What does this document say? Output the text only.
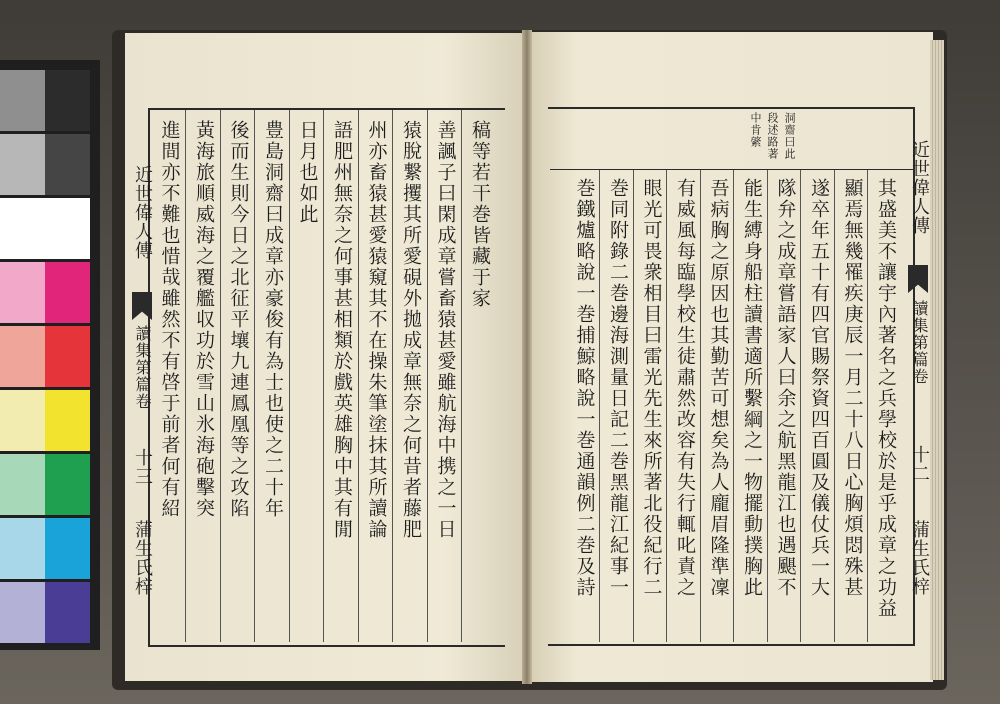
稿等若干巻皆藏于家
善諷子曰閑成章嘗畜猿甚愛雖航海中携之一日
猿脫繋攫其所愛硯外拋成章無奈之何昔者藤肥
州亦畜猿甚愛猿窺其不在操朱筆塗抹其所讀論
語肥州無奈之何事甚相類於戲英雄胸中其有閒
日月也如此
豊島洞齋曰成章亦豪俊有為士也使之二十年
後而生則今日之北征平壤九連鳳凰等之攻陷
黃海旅順威海之覆艦収功於雪山氷海砲擊突
進間亦不難也惜哉雖然不有啓于前者何有紹
近世偉人傳
讀集第篇卷
十三
蒲生氏梓
洞齋曰此
段述路著
中肯綮
其盛美不讓宇內著名之兵學校於是乎成章之功益
顯焉無幾罹疾庚辰一月二十八日心胸煩悶殊甚
遂卒年五十有四官賜祭資四百圓及儀仗兵一大
隊弁之成章嘗語家人曰余之航黑龍江也遇颶不
能生縛身船柱讀書適所繫綱之一物擺動撲胸此
吾病胸之原因也其勤苦可想矣為人龐眉隆準凜
有威風每臨學校生徒肅然改容有失行輒叱責之
眼光可畏衆相目曰雷光先生來所著北役紀行二
巻同附錄二巻邊海測量日記二巻黑龍江紀事一
巻鐵爐略說一巻捕鯨略說一巻通韻例二巻及詩	近世偉人傳
讀集第篇卷
十二
蒲生氏梓
